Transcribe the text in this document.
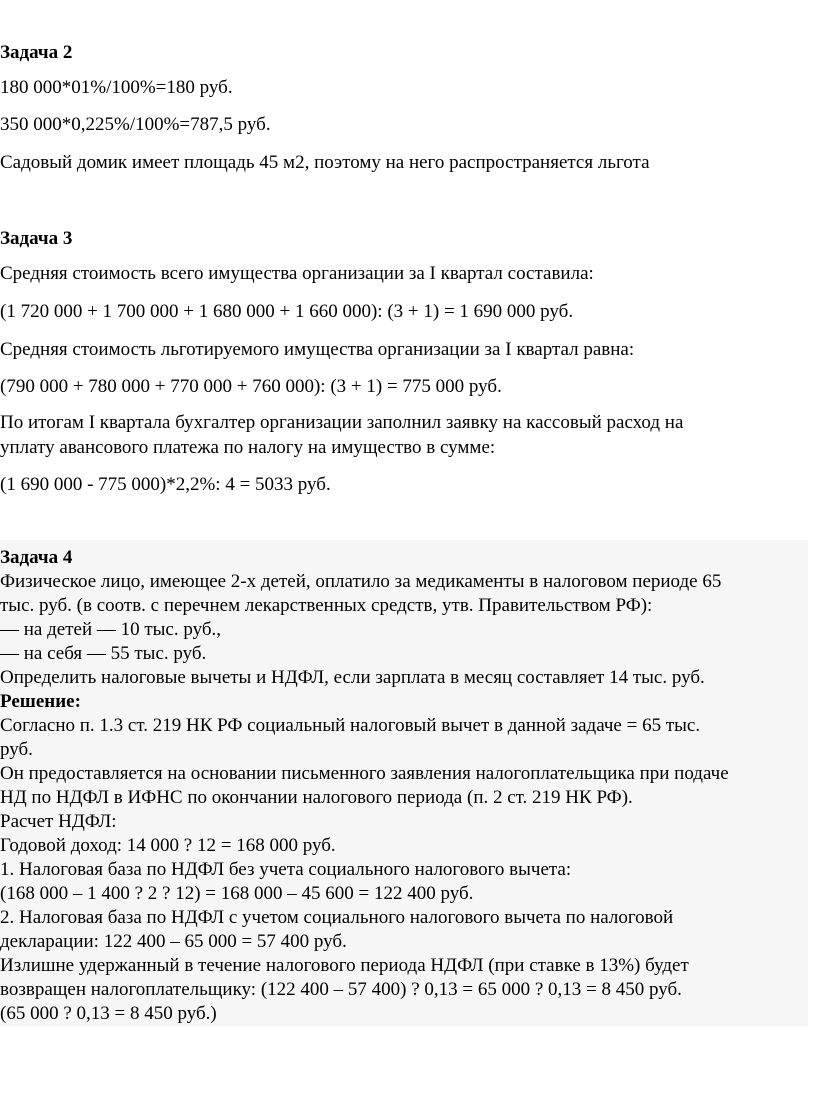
Задача 2

180 000*01%/100%=180 руб.

350 000*0,225%/100%=787,5 руб.

Садовый домик имеет площадь 45 м2, поэтому на него распространяется льгота

Задача 3

Средняя стоимость всего имущества организации за I квартал составила:

(1 720 000 + 1 700 000 + 1 680 000 + 1 660 000): (3 + 1) = 1 690 000 руб.

Средняя стоимость льготируемого имущества организации за I квартал равна:

(790 000 + 780 000 + 770 000 + 760 000): (3 + 1) = 775 000 руб.

По итогам I квартала бухгалтер организации заполнил заявку на кассовый расход на

уплату авансового платежа по налогу на имущество в сумме:

(1 690 000 - 775 000)*2,2%: 4 = 5033 руб.

Задача 4

Физическое лицо, имеющее 2-х детей, оплатило за медикаменты в налоговом периоде 65

тыс. руб. (в соотв. с перечнем лекарственных средств, утв. Правительством РФ):

— на детей — 10 тыс. руб.,

— на себя — 55 тыс. руб.

Определить налоговые вычеты и НДФЛ, если зарплата в месяц составляет 14 тыс. руб.

Решение:

Согласно п. 1.3 ст. 219 НК РФ социальный налоговый вычет в данной задаче = 65 тыс.

руб.

Он предоставляется на основании письменного заявления налогоплательщика при подаче

НД по НДФЛ в ИФНС по окончании налогового периода (п. 2 ст. 219 НК РФ).

Расчет НДФЛ:

Годовой доход: 14 000 ? 12 = 168 000 руб.

1. Налоговая база по НДФЛ без учета социального налогового вычета:

(168 000 – 1 400 ? 2 ? 12) = 168 000 – 45 600 = 122 400 руб.

2. Налоговая база по НДФЛ с учетом социального налогового вычета по налоговой

декларации: 122 400 – 65 000 = 57 400 руб.

Излишне удержанный в течение налогового периода НДФЛ (при ставке в 13%) будет

возвращен налогоплательщику: (122 400 – 57 400) ? 0,13 = 65 000 ? 0,13 = 8 450 руб.

(65 000 ? 0,13 = 8 450 руб.)
